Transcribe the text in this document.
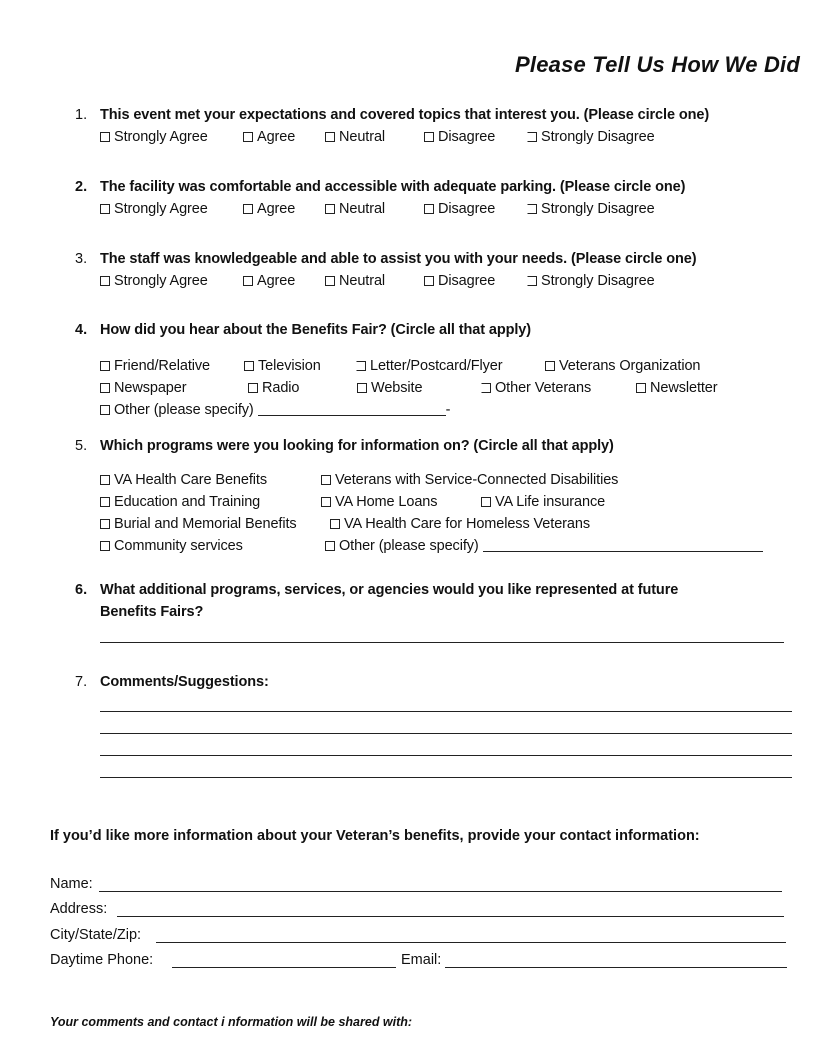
Please Tell Us How We Did
1. This event met your expectations and covered topics that interest you. (Please circle one)
Strongly Agree	Agree	Neutral	Disagree	Strongly Disagree
2. The facility was comfortable and accessible with adequate parking. (Please circle one)
Strongly Agree	Agree	Neutral	Disagree	Strongly Disagree
3. The staff was knowledgeable and able to assist you with your needs. (Please circle one)
Strongly Agree	Agree	Neutral	Disagree	Strongly Disagree
4. How did you hear about the Benefits Fair? (Circle all that apply)
Friend/Relative	Television	Letter/Postcard/Flyer	Veterans Organization
Newspaper	Radio	Website	Other Veterans	Newsletter
Other (please specify)	-
5. Which programs were you looking for information on? (Circle all that apply)
VA Health Care Benefits	Veterans with Service-Connected Disabilities
Education and Training	VA Home Loans	VA Life insurance
Burial and Memorial Benefits	VA Health Care for Homeless Veterans
Community services	Other (please specify)
6. What additional programs, services, or agencies would you like represented at future
Benefits Fairs?
7. Comments/Suggestions:
If you’d like more information about your Veteran’s benefits, provide your contact information:
Name:
Address:
City/State/Zip:
Daytime Phone:	Email:
Your comments and contact i nformation will be shared with:
